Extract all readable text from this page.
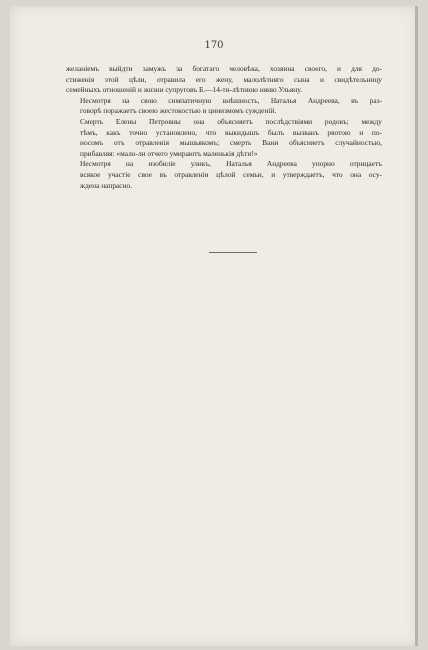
170

желаніемъ выйдти замужъ за богатаго человѣка, хозяина своего, и для до-
стиженія этой цѣли, отравила его жену, малолѣтняго сына и свидѣтельницу
семейныхъ отношеній и жизни супруговъ Б.—14-ти-лѣтнюю няню Ульяну.

Несмотря на свою симпатичную внѣшность, Наталья Андреева, въ раз-
говорѣ поражаетъ своею жестокостью и цинизмомъ сужденій.

Смерть Елены Петровны она объясняетъ послѣдствіями родовъ; между
тѣмъ, какъ точно установлено, что выкидышъ былъ вызванъ рвотою и по-
носомъ отъ отравленія мышьякомъ; смерть Вани объясняетъ случайностью,
прибавляя: «мало-ли отчего умираютъ маленькія дѣти!»

Несмотря на изобиліе уликъ, Наталья Андреева упорно отрицаетъ
всякое участіе свое въ отравленіи цѣлой семьи, и утверждаетъ, что она осу-
ждена напрасно.
